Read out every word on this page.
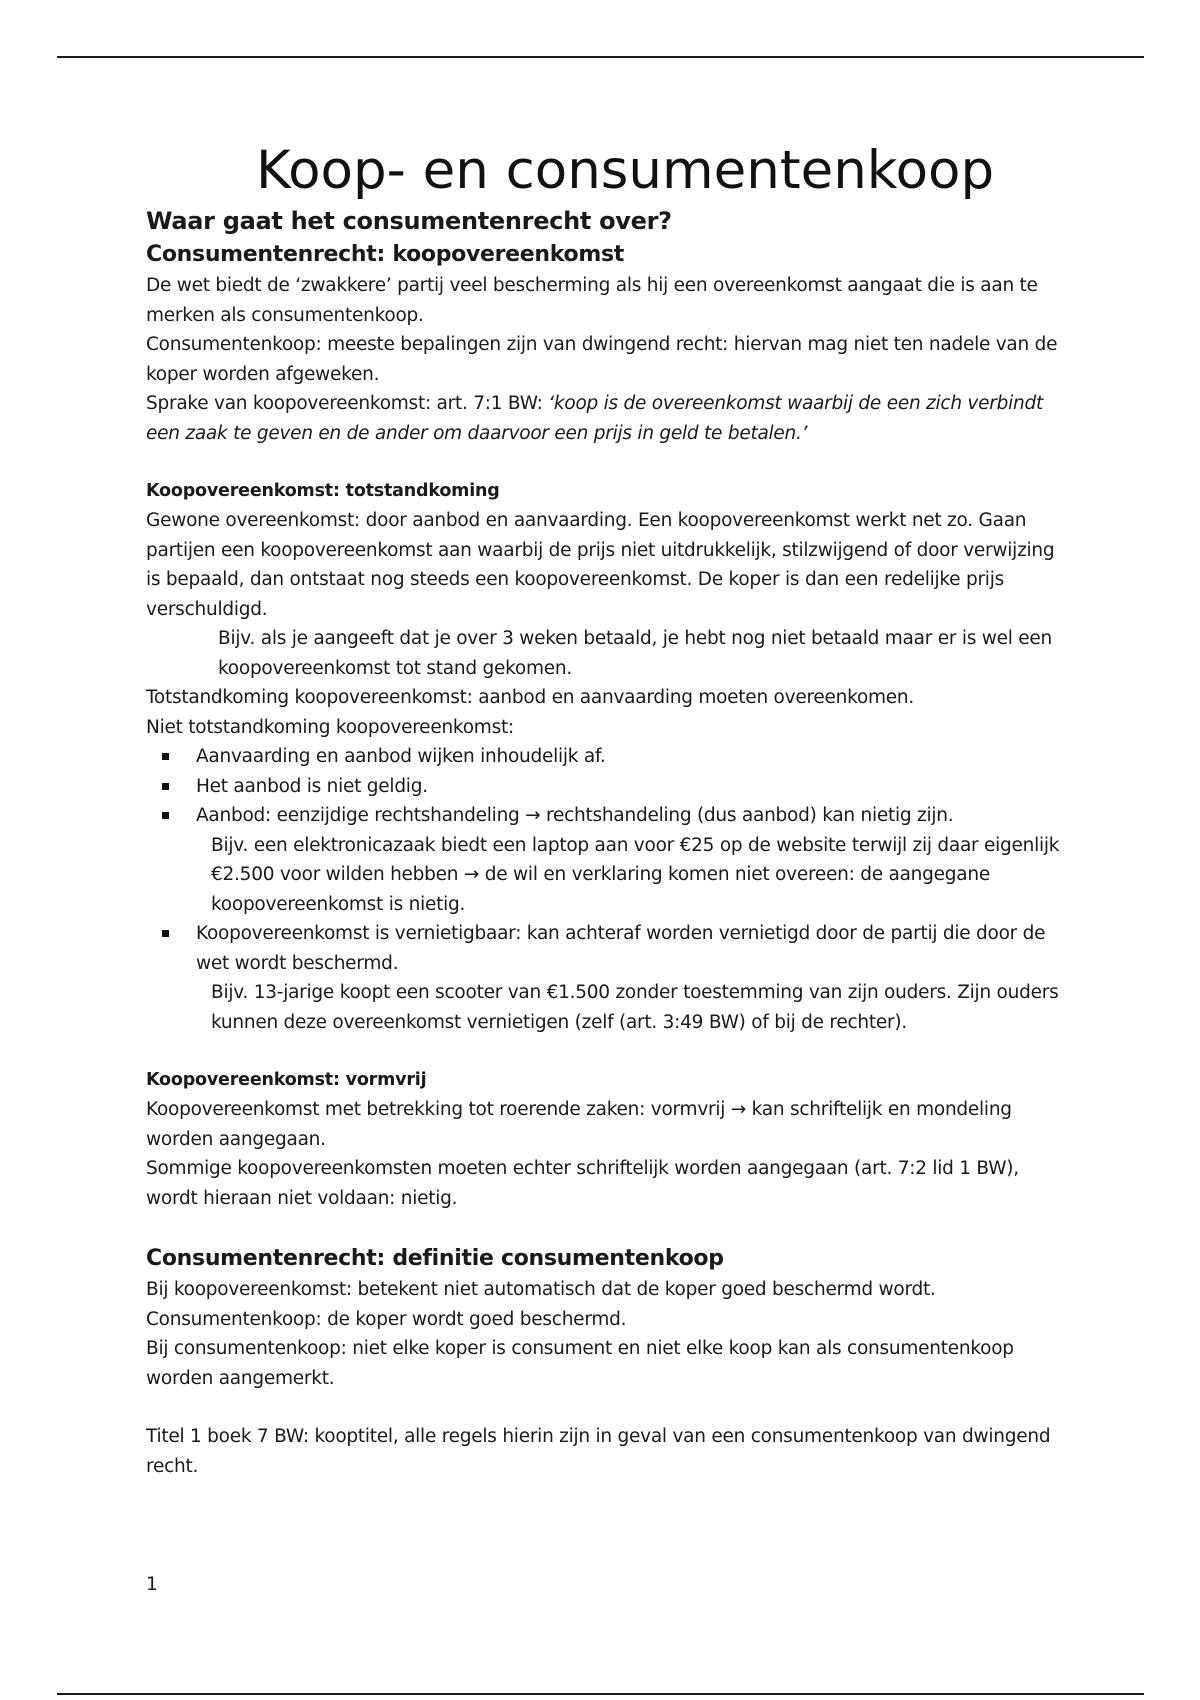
Koop- en consumentenkoop
Waar gaat het consumentenrecht over?
Consumentenrecht: koopovereenkomst

De wet biedt de ‘zwakkere’ partij veel bescherming als hij een overeenkomst aangaat die is aan te merken als consumentenkoop.

Consumentenkoop: meeste bepalingen zijn van dwingend recht: hiervan mag niet ten nadele van de koper worden afgeweken.

Sprake van koopovereenkomst: art. 7:1 BW: ‘koop is de overeenkomst waarbij de een zich verbindt een zaak te geven en de ander om daarvoor een prijs in geld te betalen.’

Koopovereenkomst: totstandkoming

Gewone overeenkomst: door aanbod en aanvaarding. Een koopovereenkomst werkt net zo. Gaan partijen een koopovereenkomst aan waarbij de prijs niet uitdrukkelijk, stilzwijgend of door verwijzing is bepaald, dan ontstaat nog steeds een koopovereenkomst. De koper is dan een redelijke prijs verschuldigd.

Bijv. als je aangeeft dat je over 3 weken betaald, je hebt nog niet betaald maar er is wel een koopovereenkomst tot stand gekomen.

Totstandkoming koopovereenkomst: aanbod en aanvaarding moeten overeenkomen.

Niet totstandkoming koopovereenkomst:

Aanvaarding en aanbod wijken inhoudelijk af.

Het aanbod is niet geldig.

Aanbod: eenzijdige rechtshandeling → rechtshandeling (dus aanbod) kan nietig zijn.

Bijv. een elektronicazaak biedt een laptop aan voor €25 op de website terwijl zij daar eigenlijk €2.500 voor wilden hebben → de wil en verklaring komen niet overeen: de aangegane koopovereenkomst is nietig.

Koopovereenkomst is vernietigbaar: kan achteraf worden vernietigd door de partij die door de wet wordt beschermd.

Bijv. 13-jarige koopt een scooter van €1.500 zonder toestemming van zijn ouders. Zijn ouders kunnen deze overeenkomst vernietigen (zelf (art. 3:49 BW) of bij de rechter).

Koopovereenkomst: vormvrij

Koopovereenkomst met betrekking tot roerende zaken: vormvrij → kan schriftelijk en mondeling worden aangegaan.

Sommige koopovereenkomsten moeten echter schriftelijk worden aangegaan (art. 7:2 lid 1 BW), wordt hieraan niet voldaan: nietig.

Consumentenrecht: definitie consumentenkoop

Bij koopovereenkomst: betekent niet automatisch dat de koper goed beschermd wordt.

Consumentenkoop: de koper wordt goed beschermd.

Bij consumentenkoop: niet elke koper is consument en niet elke koop kan als consumentenkoop worden aangemerkt.

Titel 1 boek 7 BW: kooptitel, alle regels hierin zijn in geval van een consumentenkoop van dwingend recht.

1
